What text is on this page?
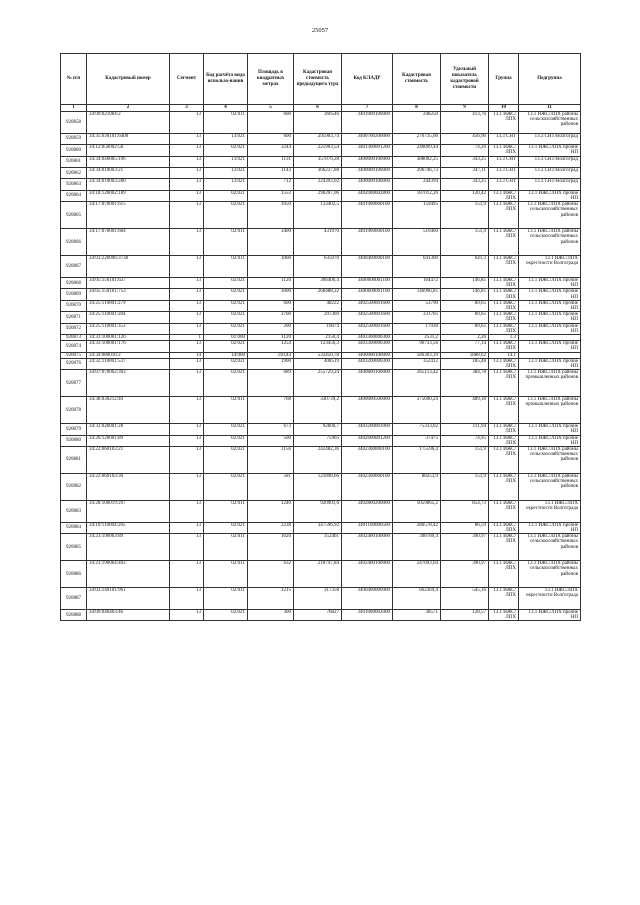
25057
№ п/п	Кадастровый номер	Сегмент	Код расчёта вида использо-вания	Площадь в квадратных метрах	Кадастровая стоимость предыдущего тура	Код КЛАДР	Кадастровая стоимость	Удельный показатель кадастровой стоимости	Группа	Подгруппа
1	2	3	4	5	6	7	8	9	10	11
920858	34:09:021084:2	13	02:011	600	360546	3401000100000	248250	413,76	13.1 ИЖС/ЛПХ	13.1 ИЖС/ЛПХ районы сельскохозяйственных районов
920859	34:35:030101:6408	13	13:021	600	295903,74	3400700200000	270735,06	456,96	13.3 СНТ	13.3 СНТ/Волгоград
920860	34:12:050002:58	13	02:021	3244	225903,54	3401300001200	240899,44	74,26	13.1 ИЖС/ЛПХ	13.1 ИЖС/ЛПХ прочие НП
920861	34:34:040005:196	13	13:021	1131	357076,28	3400000100000	388002,25	343,25	13.3 СНТ	13.3 СНТ/Волгоград
920862	34:34:010003:21	13	13:021	1143	366237,88	3400000100000	396746,73	347,11	13.3 СНТ	13.3 СНТ/Волгоград
920863	34:34:010003:280	13	13:021	712	224393,02	3400000100000	244394	343,25	13.3 СНТ	13.3 СНТ/Волгоград
920864	34:18:120002:189	13	02:021	1553	296207,06	3402000002800	187012,26	120,42	13.1 ИЖС/ЛПХ	13.1 ИЖС/ЛПХ прочие НП
920865	34:17:070001:615	13	02:021	1050	133402,5	3401900000100	159495	151,9	13.1 ИЖС/ЛПХ	13.1 ИЖС/ЛПХ районы сельскохозяйственных районов
920866	34:17:070001:684	13	02:011	3400	431970	3401900000100	516460	151,9	13.1 ИЖС/ЛПХ	13.1 ИЖС/ЛПХ районы сельскохозяйственных районов
920867	34:03:220006:3738	13	02:011	1000	635970	3400400000100	641300	641,3	13.1 ИЖС/ЛПХ	13.1 ИЖС/ЛПХ окрестности Волгограда
920868	34:05:150101:627	13	02:021	1120	306406,4	3400600001100	164472	146,85	13.1 ИЖС/ЛПХ	13.1 ИЖС/ЛПХ прочие НП
920869	34:05:150101:753	13	02:021	1000	268488,22	3400600001100	146996,85	146,85	13.1 ИЖС/ЛПХ	13.1 ИЖС/ЛПХ прочие НП
920870	34:25:110001:279	13	02:021	600	48222	3402500001600	53790	89,65	13.1 ИЖС/ЛПХ	13.1 ИЖС/ЛПХ прочие НП
920871	34:25:110001:284	13	02:021	3700	297369	3402500001600	331705	89,65	13.1 ИЖС/ЛПХ	13.1 ИЖС/ЛПХ прочие НП
920872	34:25:110001:353	13	02:021	200	16074	3402500001600	17930	89,65	13.1 ИЖС/ЛПХ	13.1 ИЖС/ЛПХ прочие НП
920873	34:33:100001:120	1	01:000	1120	2150,4	3403300000300	2531,2	2,26	1.3	
920874	34:33:100001:176	13	02:021	1254	123456,3	3403300000300	96733,56	77,14	13.1 ИЖС/ЛПХ	13.1 ИЖС/ЛПХ прочие НП
920875	34:34:080016:2	14	14:000	310,44	533450,78	3400000100000	586303,39	1888,62	14.1	
920876	34:32:110001:537	13	02:021	1900	408519	3403200000300	352412	185,48	13.1 ИЖС/ЛПХ	13.1 ИЖС/ЛПХ прочие НП
920877	34:07:070002:303	13	02:021	689	255729,24	3400800100000	265113,42	384,78	13.1 ИЖС/ЛПХ	13.1 ИЖС/ЛПХ районы промышленных районов
920878	34:38:030212:49	13	02:011	768	330739,2	3400000500000	375690,24	489,18	13.1 ИЖС/ЛПХ	13.1 ИЖС/ЛПХ районы промышленных районов
920879	34:32:020001:28	13	02:021	673	92806,7	3403200003900	75333,62	111,94	13.1 ИЖС/ЛПХ	13.1 ИЖС/ЛПХ прочие НП
920880	34:26:120001:89	13	02:021	500	75965	3402600001200	37475	74,95	13.1 ИЖС/ЛПХ	13.1 ИЖС/ЛПХ прочие НП
920881	34:22:060103:21	13	02:021	1156	242482,36	3402300000100	175596,4	151,9	13.1 ИЖС/ЛПХ	13.1 ИЖС/ЛПХ районы сельскохозяйственных районов
920882	34:22:060103:30	13	02:021	581	121898,66	3402300000100	88253,9	151,9	13.1 ИЖС/ЛПХ	13.1 ИЖС/ЛПХ районы сельскохозяйственных районов
920883	34:28:100019:297	13	02:011	1240	920901,6	3402800200000	1059865,2	854,73	13.1 ИЖС/ЛПХ	13.1 ИЖС/ЛПХ окрестности Волгограда
920884	34:10:110004:205	13	02:021	3238	347596,92	3401100000500	280578,42	86,59	13.1 ИЖС/ЛПХ	13.1 ИЖС/ЛПХ прочие НП
920885	34:23:190063:89	13	02:011	1020	352461	3402400100000	398789,4	390,97	13.1 ИЖС/ЛПХ	13.1 ИЖС/ЛПХ районы сельскохозяйственных районов
920886	34:23:190064:402	13	02:011	632	218747,84	3402400100000	247093,04	390,97	13.1 ИЖС/ЛПХ	13.1 ИЖС/ЛПХ районы сельскохозяйственных районов
920887	34:03:140101:961	13	02:011	1215	317358	3400400000900	662369,4	545,16	13.1 ИЖС/ЛПХ	13.1 ИЖС/ЛПХ окрестности Волгограда
920888	34:09:040403:46	13	02:021	300	76827	3401000002000	38571	128,57	13.1 ИЖС/ЛПХ	13.1 ИЖС/ЛПХ прочие НП
